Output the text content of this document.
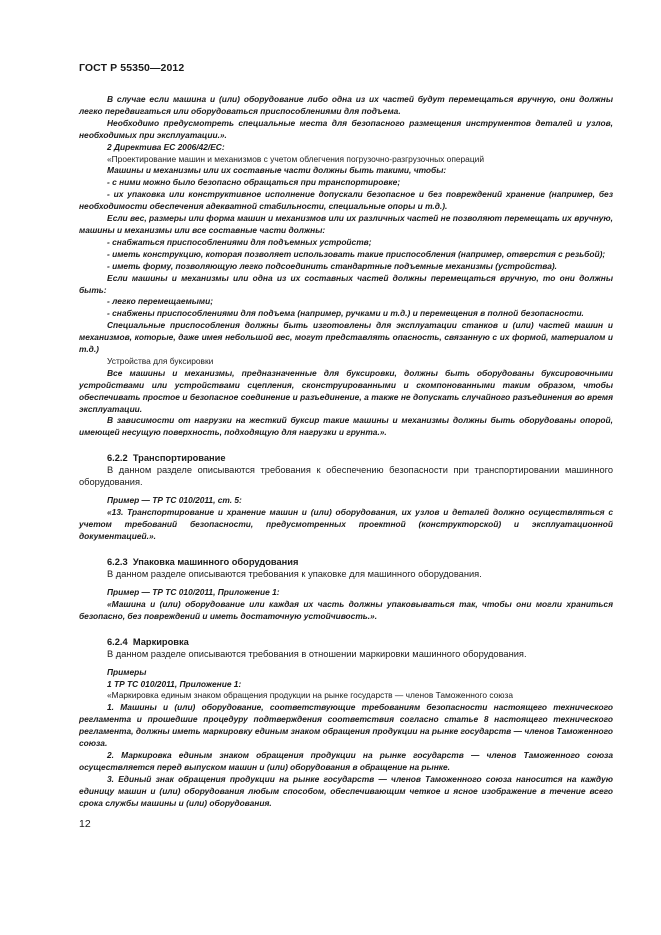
ГОСТ Р 55350—2012

В случае если машина и (или) оборудование либо одна из их частей будут перемещаться вручную, они должны легко передвигаться или оборудоваться приспособлениями для подъема.

Необходимо предусмотреть специальные места для безопасного размещения инструментов деталей и узлов, необходимых при эксплуатации.».

2 Директива ЕС 2006/42/ЕС:

«Проектирование машин и механизмов с учетом облегчения погрузочно-разгрузочных операций

Машины и механизмы или их составные части должны быть такими, чтобы:

- с ними можно было безопасно обращаться при транспортировке;

- их упаковка или конструктивное исполнение допускали безопасное и без повреждений хранение (например, без необходимости обеспечения адекватной стабильности, специальные опоры и т.д.).

Если вес, размеры или форма машин и механизмов или их различных частей не позволяют перемещать их вручную, машины и механизмы или все составные части должны:

- снабжаться приспособлениями для подъемных устройств;

- иметь конструкцию, которая позволяет использовать такие приспособления (например, отверстия с резьбой);

- иметь форму, позволяющую легко подсоединить стандартные подъемные механизмы (устройства).

Если машины и механизмы или одна из их составных частей должны перемещаться вручную, то они должны быть:

- легко перемещаемыми;

- снабжены приспособлениями для подъема (например, ручками и т.д.) и перемещения в полной безопасности.

Специальные приспособления должны быть изготовлены для эксплуатации станков и (или) частей машин и механизмов, которые, даже имея небольшой вес, могут представлять опасность, связанную с их формой, материалом и т.д.)

Устройства для буксировки

Все машины и механизмы, предназначенные для буксировки, должны быть оборудованы буксировочными устройствами или устройствами сцепления, сконструированными и скомпонованными таким образом, чтобы обеспечивать простое и безопасное соединение и разъединение, а также не допускать случайного разъединения во время эксплуатации.

В зависимости от нагрузки на жесткий буксир такие машины и механизмы должны быть оборудованы опорой, имеющей несущую поверхность, подходящую для нагрузки и грунта.».

6.2.2 Транспортирование

В данном разделе описываются требования к обеспечению безопасности при транспортировании машинного оборудования.

Пример — ТР ТС 010/2011, ст. 5:

«13. Транспортирование и хранение машин и (или) оборудования, их узлов и деталей должно осуществляться с учетом требований безопасности, предусмотренных проектной (конструкторской) и эксплуатационной документацией.».

6.2.3 Упаковка машинного оборудования

В данном разделе описываются требования к упаковке для машинного оборудования.

Пример — ТР ТС 010/2011, Приложение 1:

«Машина и (или) оборудование или каждая их часть должны упаковываться так, чтобы они могли храниться безопасно, без повреждений и иметь достаточную устойчивость.».

6.2.4 Маркировка

В данном разделе описываются требования в отношении маркировки машинного оборудования.

Примеры

1 ТР ТС 010/2011, Приложение 1:

«Маркировка единым знаком обращения продукции на рынке государств — членов Таможенного союза

1. Машины и (или) оборудование, соответствующие требованиям безопасности настоящего технического регламента и прошедшие процедуру подтверждения соответствия согласно статье 8 настоящего технического регламента, должны иметь маркировку единым знаком обращения продукции на рынке государств — членов Таможенного союза.

2. Маркировка единым знаком обращения продукции на рынке государств — членов Таможенного союза осуществляется перед выпуском машин и (или) оборудования в обращение на рынке.

3. Единый знак обращения продукции на рынке государств — членов Таможенного союза наносится на каждую единицу машин и (или) оборудования любым способом, обеспечивающим четкое и ясное изображение в течение всего срока службы машины и (или) оборудования.

12
